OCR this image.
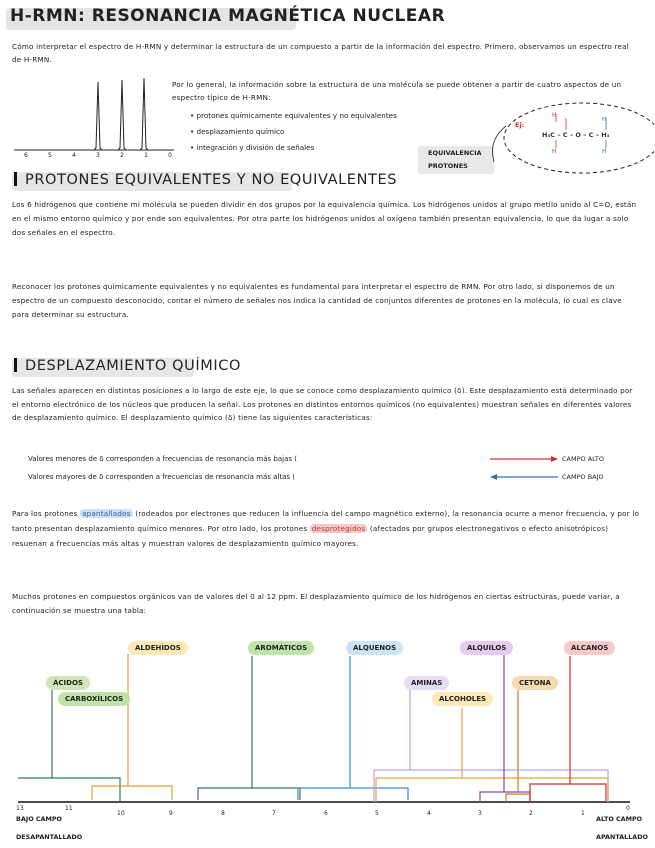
H-RMN: RESONANCIA MAGNÉTICA NUCLEAR
Cómo interpretar el espectro de H-RMN y determinar la estructura de un compuesto a partir de la información del espectro. Primero, observamos un espectro real de H-RMN.
6	5	4	3	2	1	0
Por lo general, la información sobre la estructura de una molécula se puede obtener a partir de cuatro aspectos de un espectro típico de H-RMN:
• protones químicamente equivalentes y no equivalentes
• desplazamiento químico
• integración y división de señales
EQUIVALENCIA
PROTONES
Ej:
H₃C – C – O – C – H₃
H
H
H
H
PROTONES EQUIVALENTES Y NO EQUIVALENTES
Los 6 hidrógenos que contiene mi molécula se pueden dividir en dos grupos por la equivalencia química. Los hidrógenos unidos al grupo metilo unido al C=O, están en el mismo entorno químico y por ende son equivalentes. Por otra parte los hidrógenos unidos al oxígeno también presentan equivalencia, lo que da lugar a solo dos señales en el espectro.
Reconocer los protones químicamente equivalentes y no equivalentes es fundamental para interpretar el espectro de RMN. Por otro lado, si disponemos de un espectro de un compuesto desconocido, contar el número de señales nos indica la cantidad de conjuntos diferentes de protones en la molécula, lo cual es clave para determinar su estructura.
DESPLAZAMIENTO QUÍMICO
Las señales aparecen en distintas posiciones a lo largo de este eje, lo que se conoce como desplazamiento químico (δ). Este desplazamiento está determinado por el entorno electrónico de los núcleos que producen la señal. Los protones en distintos entornos químicos (no equivalentes) muestran señales en diferentes valores de desplazamiento químico. El desplazamiento químico (δ) tiene las siguientes características:
Valores menores de δ corresponden a frecuencias de resonancia más bajas (	CAMPO ALTO
Valores mayores de δ corresponden a frecuencias de resonancia más altas (	CAMPO BAJO
Para los protones apantallados (rodeados por electrones que reducen la influencia del campo magnético externo), la resonancia ocurre a menor frecuencia, y por lo tanto presentan desplazamiento químico menores. Por otro lado, los protones desprotegidos (afectados por grupos electronegativos o efecto anisotrópicos) resuenan a frecuencias más altas y muestran valores de desplazamiento químico mayores.
Muchos protones en compuestos orgánicos van de valores del 0 al 12 ppm. El desplazamiento químico de los hidrógenos en ciertas estructuras, puede variar, a continuación se muestra una tabla:
ÁCIDOS
CARBOXÍLICOS
ALDEHÍDOS	AROMÁTICOS	ALQUENOS
AMINAS
ALCOHOLES
ALQUILOS
CETONA
ALCANOS
13	11
10	9	8	7	6	5	4	3	2	1
0
BAJO CAMPO
DESAPANTALLADO
ALTO CAMPO
APANTALLADO
